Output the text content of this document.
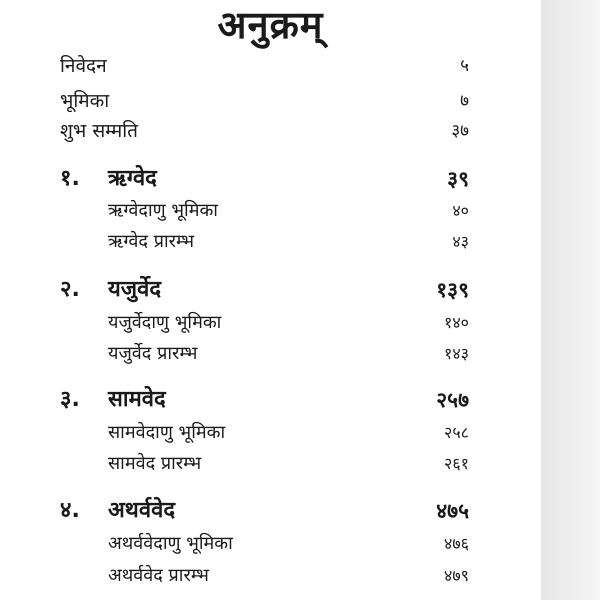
अनुक्रम्
निवेदन	५
भूमिका	७
शुभ सम्मति	३७
१. ऋग्वेद	३९
ऋग्वेदाणु भूमिका	४०
ऋग्वेद प्रारम्भ	४३
२. यजुर्वेद	१३९
यजुर्वेदाणु भूमिका	१४०
यजुर्वेद प्रारम्भ	१४३
३. सामवेद	२५७
सामवेदाणु भूमिका	२५८
सामवेद प्रारम्भ	२६१
४. अथर्ववेद	४७५
अथर्ववेदाणु भूमिका	४७६
अथर्ववेद प्रारम्भ	४७९
